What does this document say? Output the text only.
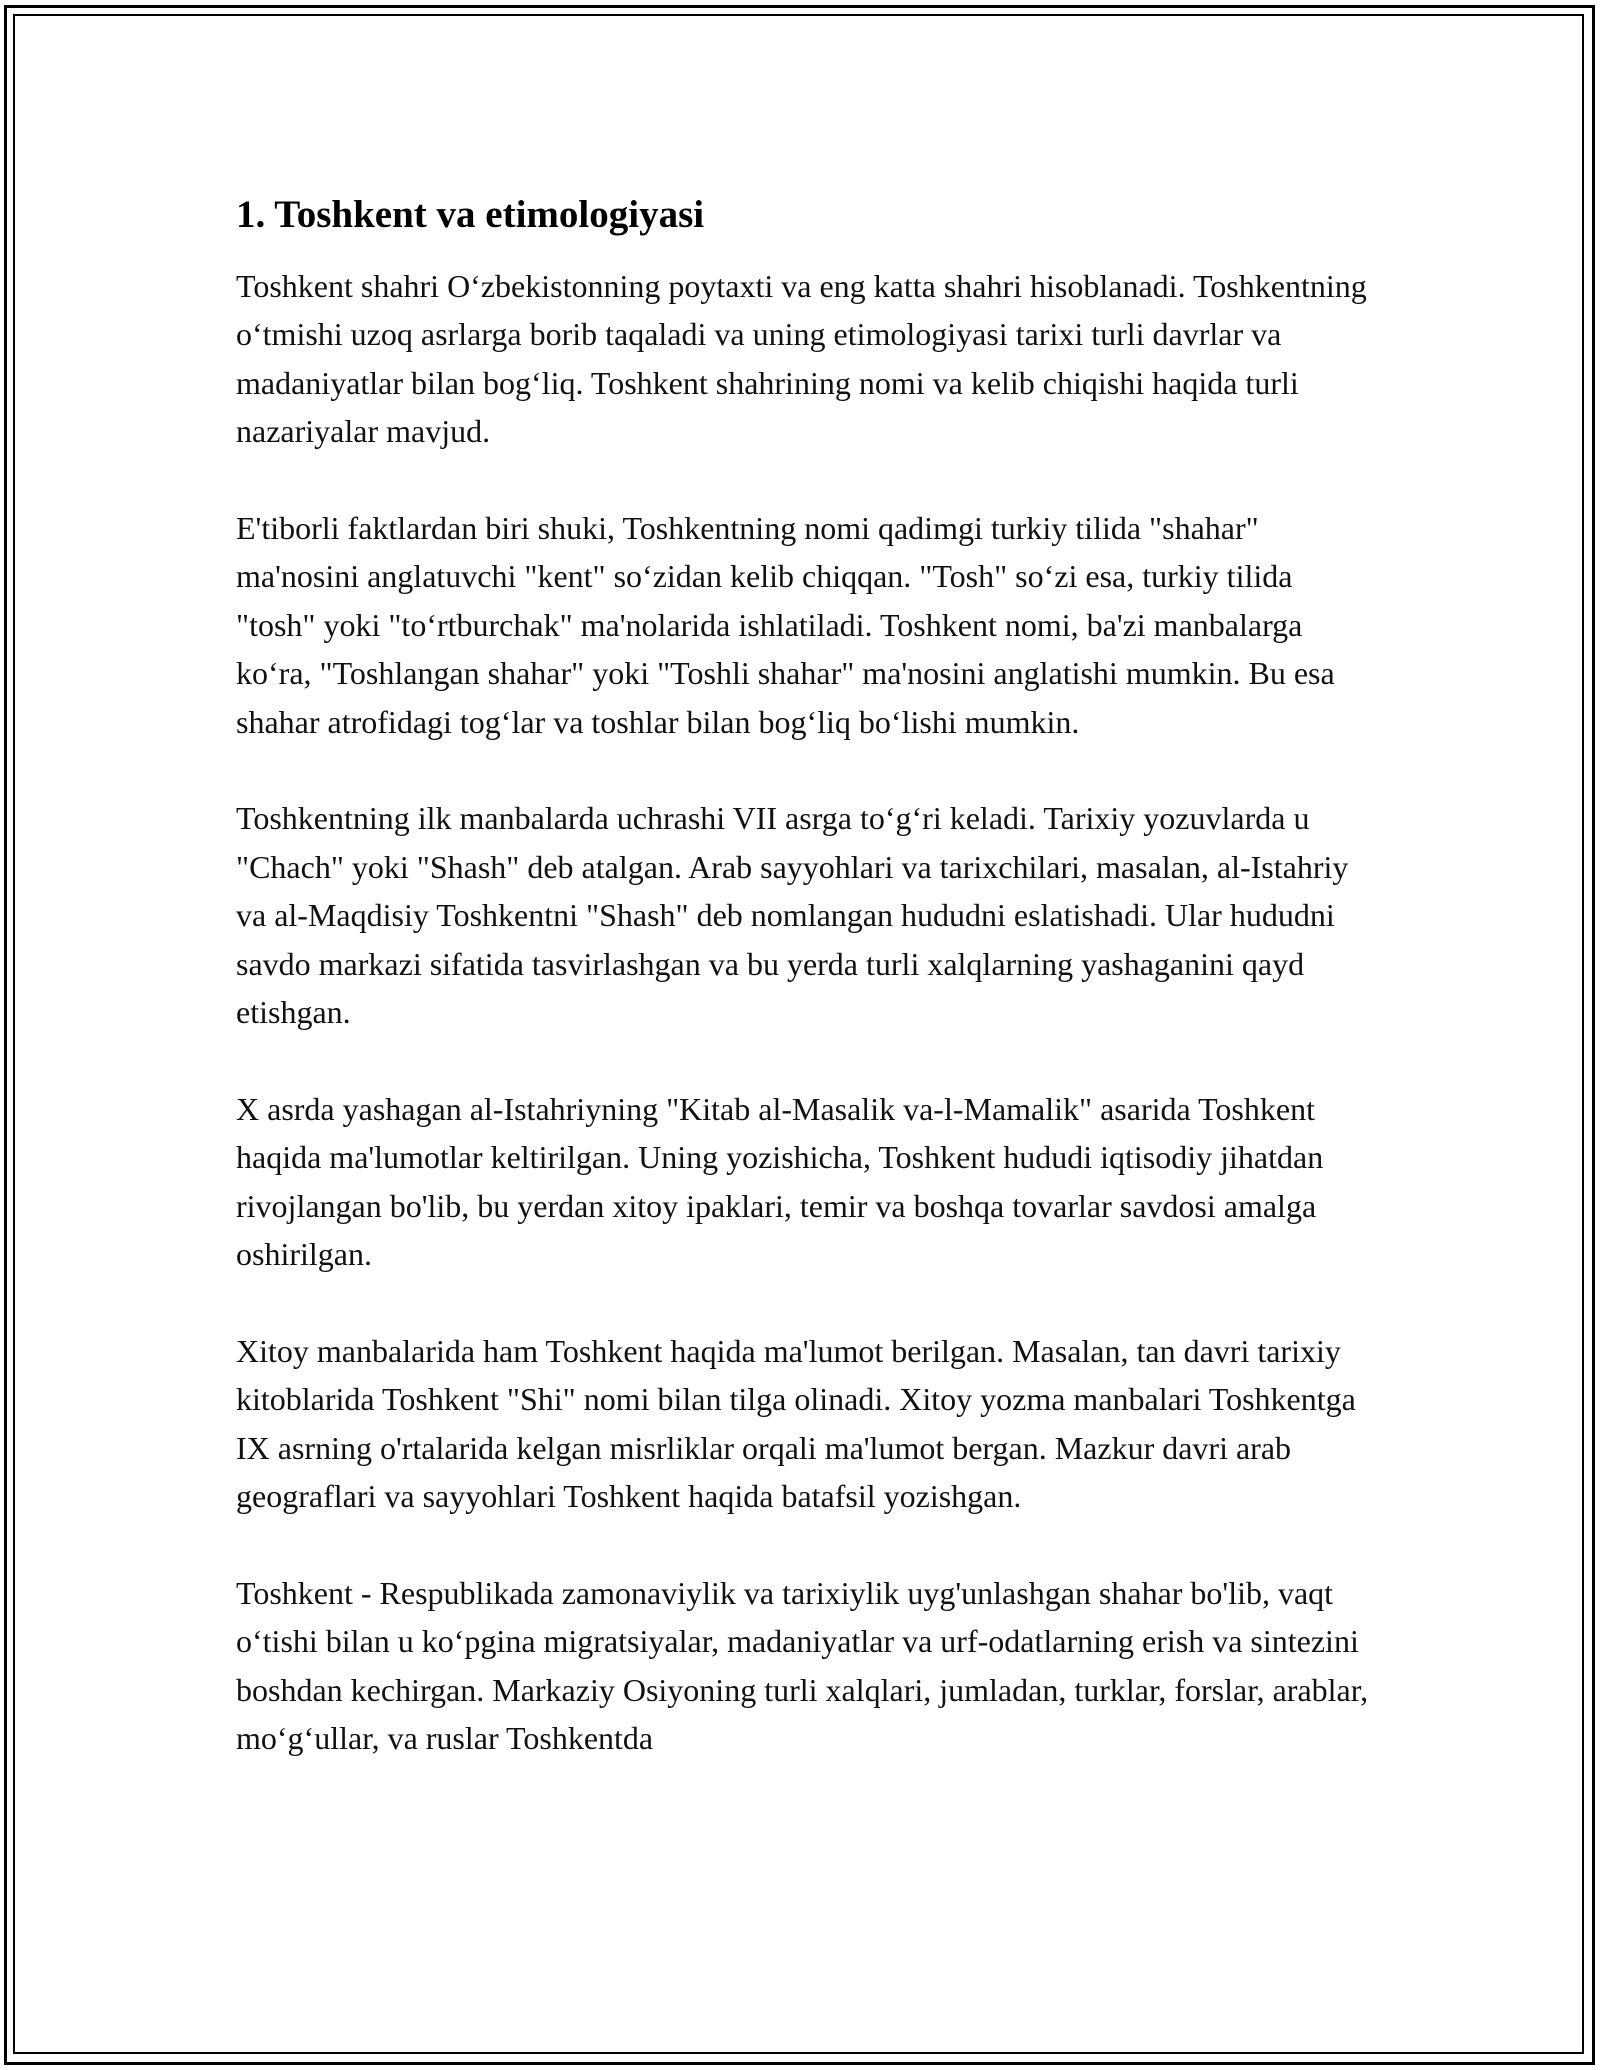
1. Toshkent va etimologiyasi

Toshkent shahri O‘zbekistonning poytaxti va eng katta shahri hisoblanadi. Toshkentning o‘tmishi uzoq asrlarga borib taqaladi va uning etimologiyasi tarixi turli davrlar va madaniyatlar bilan bog‘liq. Toshkent shahrining nomi va kelib chiqishi haqida turli nazariyalar mavjud.

E'tiborli faktlardan biri shuki, Toshkentning nomi qadimgi turkiy tilida "shahar" ma'nosini anglatuvchi "kent" so‘zidan kelib chiqqan. "Tosh" so‘zi esa, turkiy tilida "tosh" yoki "to‘rtburchak" ma'nolarida ishlatiladi. Toshkent nomi, ba'zi manbalarga ko‘ra, "Toshlangan shahar" yoki "Toshli shahar" ma'nosini anglatishi mumkin. Bu esa shahar atrofidagi tog‘lar va toshlar bilan bog‘liq bo‘lishi mumkin.

Toshkentning ilk manbalarda uchrashi VII asrga to‘g‘ri keladi. Tarixiy yozuvlarda u "Chach" yoki "Shash" deb atalgan. Arab sayyohlari va tarixchilari, masalan, al-Istahriy va al-Maqdisiy Toshkentni "Shash" deb nomlangan hududni eslatishadi. Ular hududni savdo markazi sifatida tasvirlashgan va bu yerda turli xalqlarning yashaganini qayd etishgan.

X asrda yashagan al-Istahriyning "Kitab al-Masalik va-l-Mamalik" asarida Toshkent haqida ma'lumotlar keltirilgan. Uning yozishicha, Toshkent hududi iqtisodiy jihatdan rivojlangan bo'lib, bu yerdan xitoy ipaklari, temir va boshqa tovarlar savdosi amalga oshirilgan.

Xitoy manbalarida ham Toshkent haqida ma'lumot berilgan. Masalan, tan davri tarixiy kitoblarida Toshkent "Shi" nomi bilan tilga olinadi. Xitoy yozma manbalari Toshkentga IX asrning o'rtalarida kelgan misrliklar orqali ma'lumot bergan. Mazkur davri arab geograflari va sayyohlari Toshkent haqida batafsil yozishgan.

Toshkent - Respublikada zamonaviylik va tarixiylik uyg'unlashgan shahar bo'lib, vaqt o‘tishi bilan u ko‘pgina migratsiyalar, madaniyatlar va urf-odatlarning erish va sintezini boshdan kechirgan. Markaziy Osiyoning turli xalqlari, jumladan, turklar, forslar, arablar, mo‘g‘ullar, va ruslar Toshkentda
